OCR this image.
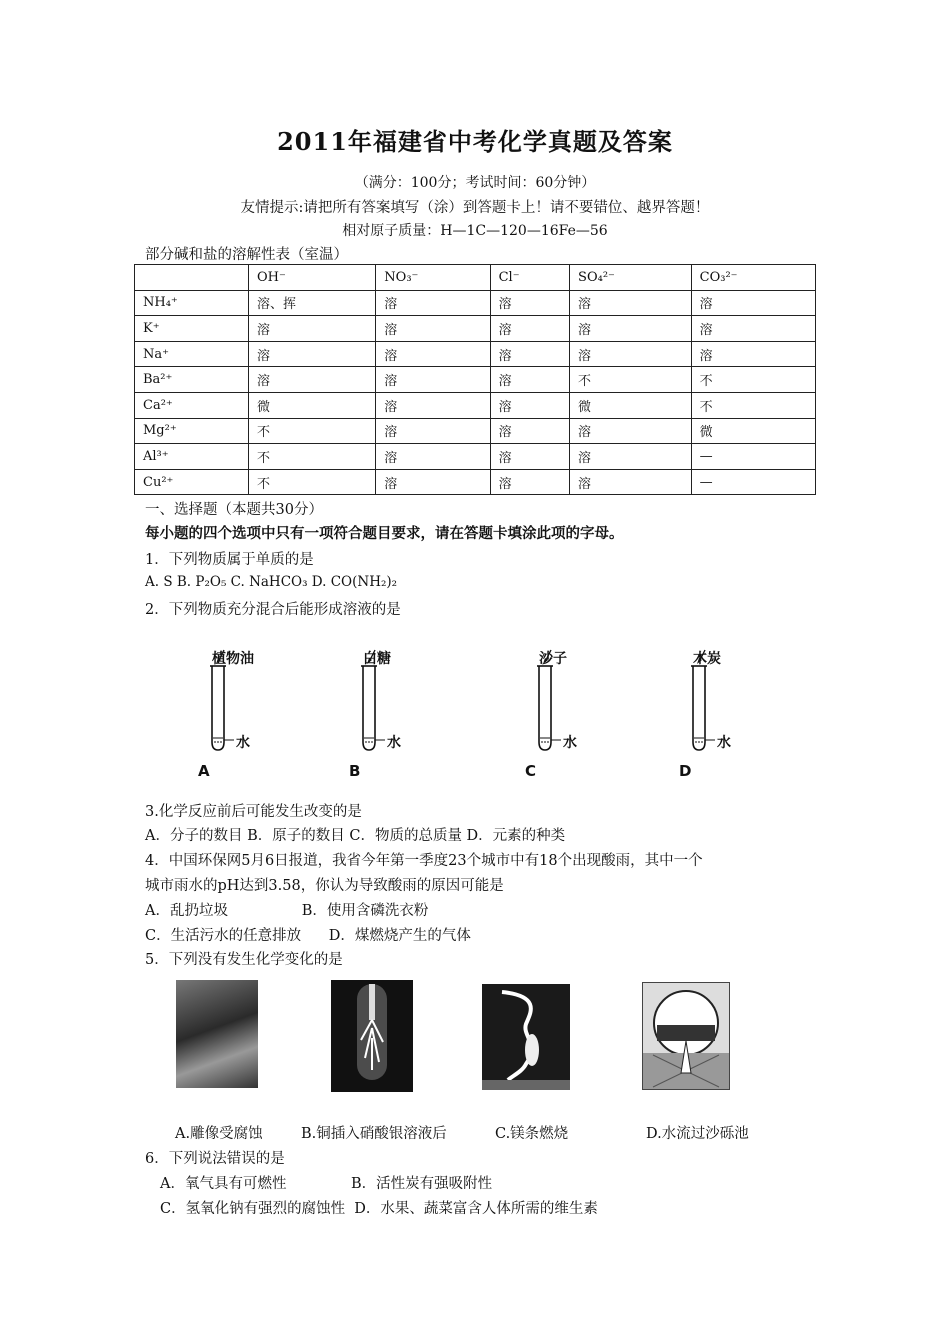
2011年福建省中考化学真题及答案
（满分：100分；考试时间：60分钟）
友情提示:请把所有答案填写（涂）到答题卡上！请不要错位、越界答题！
相对原子质量：H—1C—120—16Fe—56
部分碱和盐的溶解性表（室温）
	OH⁻	NO₃⁻	Cl⁻	SO₄²⁻	CO₃²⁻
NH₄⁺	溶、挥	溶	溶	溶	溶
K⁺	溶	溶	溶	溶	溶
Na⁺	溶	溶	溶	溶	溶
Ba²⁺	溶	溶	溶	不	不
Ca²⁺	微	溶	溶	微	不
Mg²⁺	不	溶	溶	溶	微
Al³⁺	不	溶	溶	溶	—
Cu²⁺	不	溶	溶	溶	—
一、选择题（本题共30分）
每小题的四个选项中只有一项符合题目要求，请在答题卡填涂此项的字母。
1．下列物质属于单质的是
A. S B. P₂O₅ C. NaHCO₃ D. CO(NH₂)₂
2．下列物质充分混合后能形成溶液的是
植物油
水
A
白糖
水
B
沙子
水
C
木炭
水
D
3.化学反应前后可能发生改变的是
A．分子的数目 B．原子的数目 C．物质的总质量 D．元素的种类
4．中国环保网5月6日报道，我省今年第一季度23个城市中有18个出现酸雨，其中一个
城市雨水的pH达到3.58，你认为导致酸雨的原因可能是
A．乱扔垃圾                B．使用含磷洗衣粉
C．生活污水的任意排放      D．煤燃烧产生的气体
5．下列没有发生化学变化的是
A.雕像受腐蚀	B.铜插入硝酸银溶液后	C.镁条燃烧	D.水流过沙砾池
6．下列说法错误的是
A．氧气具有可燃性              B．活性炭有强吸附性
C．氢氧化钠有强烈的腐蚀性  D．水果、蔬菜富含人体所需的维生素
